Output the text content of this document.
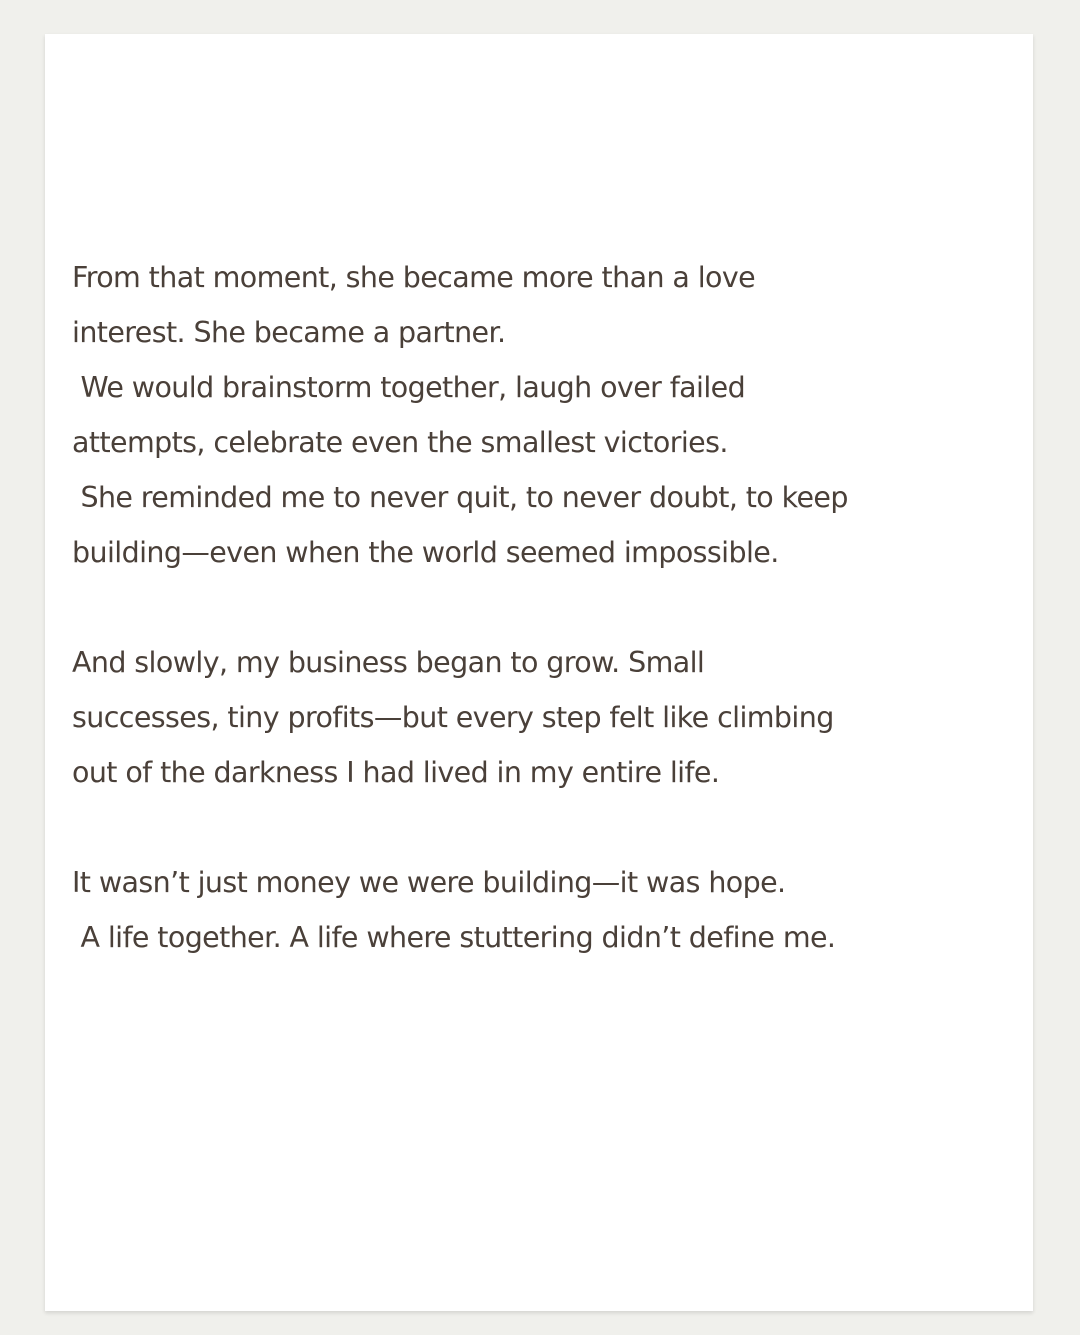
From that moment, she became more than a love
interest. She became a partner.
We would brainstorm together, laugh over failed
attempts, celebrate even the smallest victories.
She reminded me to never quit, to never doubt, to keep
building—even when the world seemed impossible.

And slowly, my business began to grow. Small
successes, tiny profits—but every step felt like climbing
out of the darkness I had lived in my entire life.

It wasn’t just money we were building—it was hope.
A life together. A life where stuttering didn’t define me.
